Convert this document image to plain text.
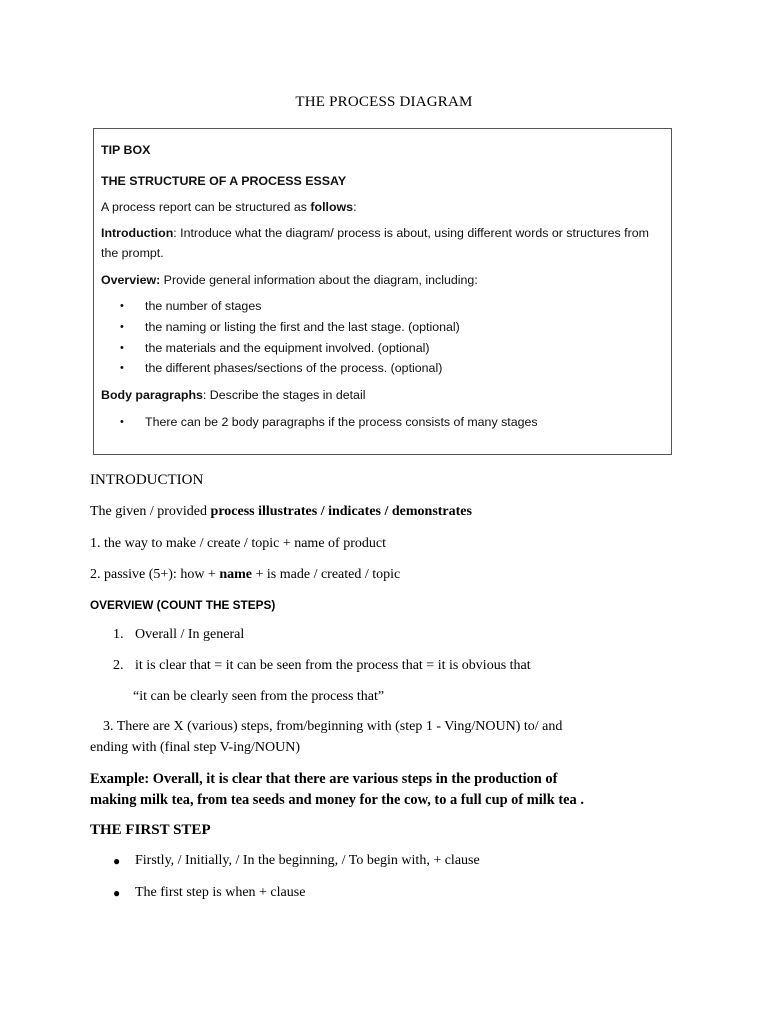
THE PROCESS DIAGRAM
TIP BOX
THE STRUCTURE OF A PROCESS ESSAY
A process report can be structured as follows:
Introduction: Introduce what the diagram/ process is about, using different words or structures from
the prompt.
Overview: Provide general information about the diagram, including:
• the number of stages
• the naming or listing the first and the last stage. (optional)
• the materials and the equipment involved. (optional)
• the different phases/sections of the process. (optional)
Body paragraphs: Describe the stages in detail
• There can be 2 body paragraphs if the process consists of many stages
INTRODUCTION
The given / provided process illustrates / indicates / demonstrates
1. the way to make / create / topic + name of product
2. passive (5+): how + name + is made / created / topic
OVERVIEW (COUNT THE STEPS)
1. Overall / In general
2. it is clear that = it can be seen from the process that = it is obvious that
“it can be clearly seen from the process that”
3. There are X (various) steps, from/beginning with (step 1 - Ving/NOUN) to/ and
ending with (final step V-ing/NOUN)
Example: Overall, it is clear that there are various steps in the production of
making milk tea, from tea seeds and money for the cow, to a full cup of milk tea .
THE FIRST STEP
● Firstly, / Initially, / In the beginning, / To begin with, + clause
● The first step is when + clause
